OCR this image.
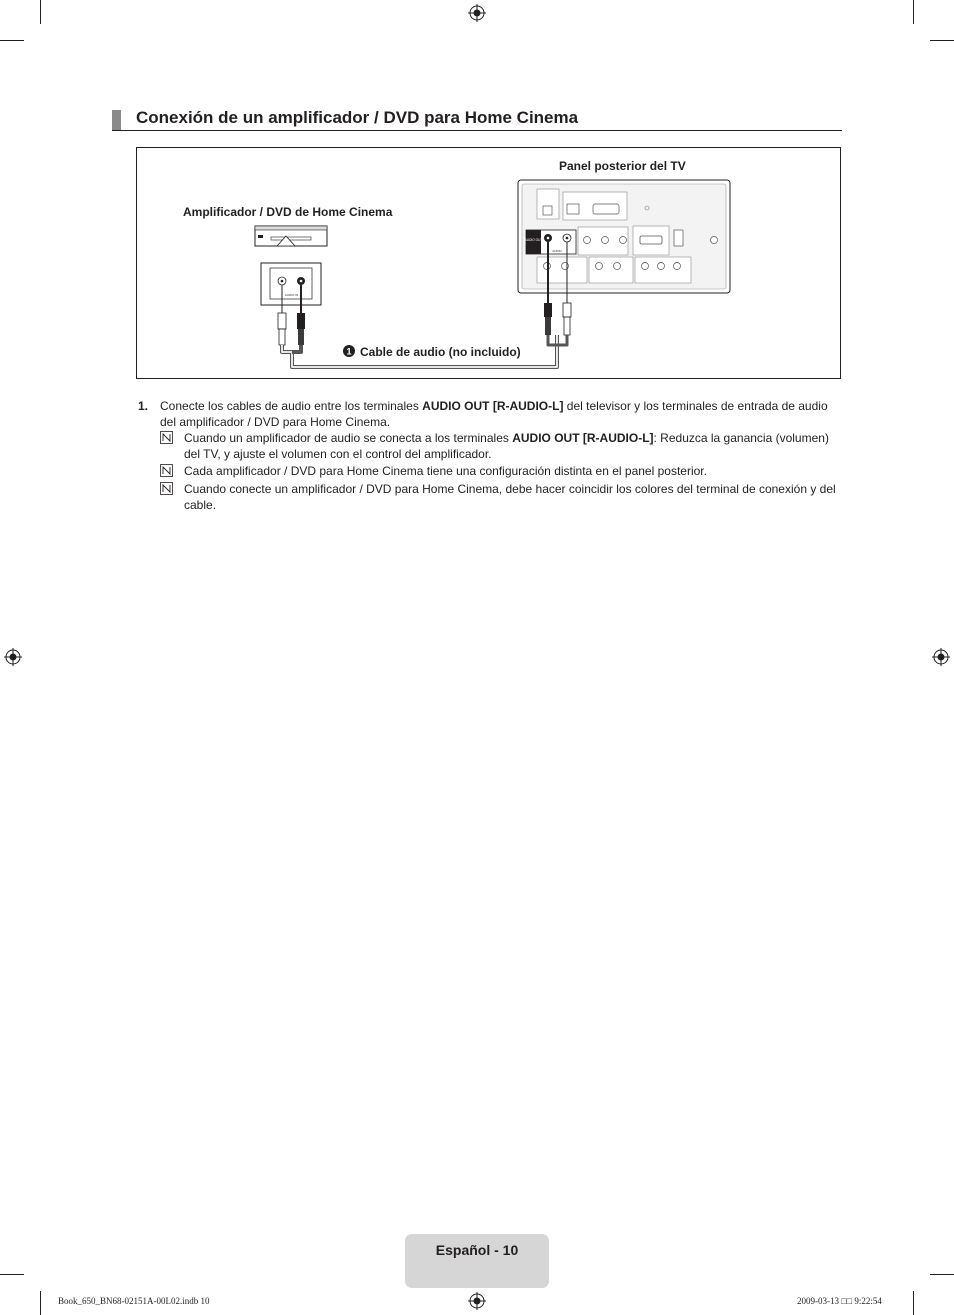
Conexión de un amplificador / DVD para Home Cinema
Panel posterior del TV
Amplificador / DVD de Home Cinema
AUDIO OUT
AUDIO
AUDIO IN
1 Cable de audio (no incluido)
1. Conecte los cables de audio entre los terminales AUDIO OUT [R-AUDIO-L] del televisor y los terminales de entrada de audio del amplificador / DVD para Home Cinema.
Cuando un amplificador de audio se conecta a los terminales AUDIO OUT [R-AUDIO-L]: Reduzca la ganancia (volumen) del TV, y ajuste el volumen con el control del amplificador.
Cada amplificador / DVD para Home Cinema tiene una configuración distinta en el panel posterior.
Cuando conecte un amplificador / DVD para Home Cinema, debe hacer coincidir los colores del terminal de conexión y del cable.
Español - 10
Book_650_BN68-02151A-00L02.indb 10	2009-03-13 □□ 9:22:54
